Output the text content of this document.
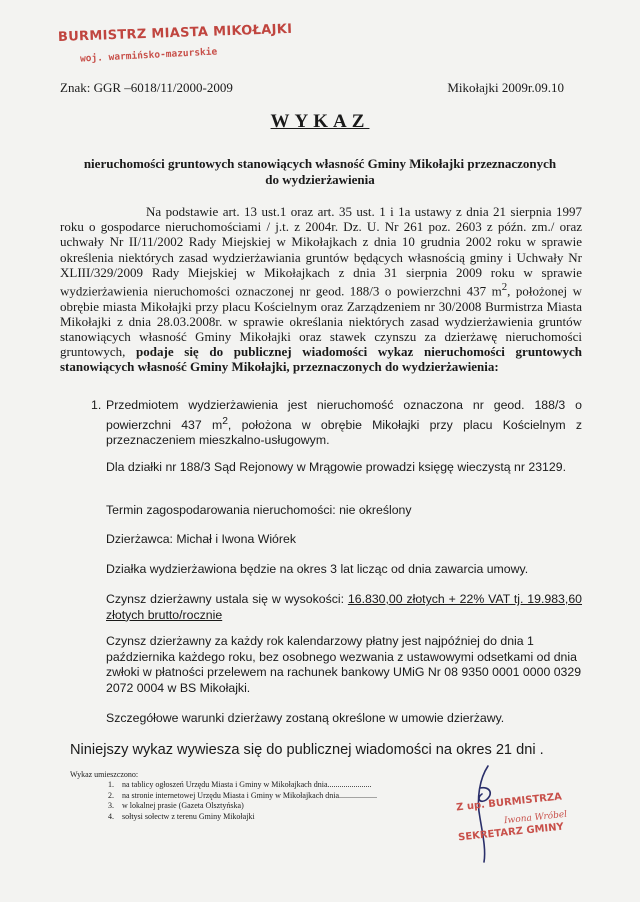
BURMISTRZ MIASTA MIKOŁAJKI
woj. warmińsko-mazurskie
Znak: GGR –6018/11/2000-2009	Mikołajki 2009r.09.10
WYKAZ
nieruchomości gruntowych stanowiących własność Gminy Mikołajki przeznaczonych
do wydzierżawienia
Na podstawie art. 13 ust.1 oraz art. 35 ust. 1 i 1a ustawy z dnia 21 sierpnia 1997 roku o gospodarce nieruchomościami / j.t. z 2004r. Dz. U. Nr 261 poz. 2603 z późn. zm./ oraz uchwały Nr II/11/2002 Rady Miejskiej w Mikołajkach z dnia 10 grudnia 2002 roku w sprawie określenia niektórych zasad wydzierżawiania gruntów będących własnością gminy i Uchwały Nr XLIII/329/2009 Rady Miejskiej w Mikołajkach z dnia 31 sierpnia 2009 roku w sprawie wydzierżawienia nieruchomości oznaczonej nr geod. 188/3 o powierzchni 437 $m^2$, położonej w obrębie miasta Mikołajki przy placu Kościelnym oraz Zarządzeniem nr 30/2008 Burmistrza Miasta Mikołajki z dnia 28.03.2008r. w sprawie określania niektórych zasad wydzierżawienia gruntów stanowiących własność Gminy Mikołajki oraz stawek czynszu za dzierżawę nieruchomości gruntowych, podaje się do publicznej wiadomości wykaz nieruchomości gruntowych stanowiących własność Gminy Mikołajki, przeznaczonych do wydzierżawienia:
1. Przedmiotem wydzierżawienia jest nieruchomość oznaczona nr geod. 188/3 o powierzchni 437 $m^2$, położona w obrębie Mikołajki przy placu Kościelnym z przeznaczeniem mieszkalno-usługowym.
Dla działki nr 188/3 Sąd Rejonowy w Mrągowie prowadzi księgę wieczystą nr 23129.
Termin zagospodarowania nieruchomości: nie określony
Dzierżawca: Michał i Iwona Wiórek
Działka wydzierżawiona będzie na okres 3 lat licząc od dnia zawarcia umowy.
Czynsz dzierżawny ustala się w wysokości: 16.830,00 złotych + 22% VAT tj. 19.983,60 złotych brutto/rocznie
Czynsz dzierżawny za każdy rok kalendarzowy płatny jest najpóźniej do dnia 1 października każdego roku, bez osobnego wezwania z ustawowymi odsetkami od dnia zwłoki w płatności przelewem na rachunek bankowy UMiG Nr 08 9350 0001 0000 0329 2072 0004 w BS Mikołajki.
Szczegółowe warunki dzierżawy zostaną określone w umowie dzierżawy.
Niniejszy wykaz wywiesza się do publicznej wiadomości na okres 21 dni .
Wykaz umieszczono:
1. na tablicy ogłoszeń Urzędu Miasta i Gminy w Mikołajkach dnia......................
2. na stronie internetowej Urzędu Miasta i Gminy w Mikołajkach dnia...................
3. w lokalnej prasie (Gazeta Olsztyńska)
4. sołtysi sołectw z terenu Gminy Mikołajki
Z up. BURMISTRZA
Iwona Wróbel
SEKRETARZ GMINY
